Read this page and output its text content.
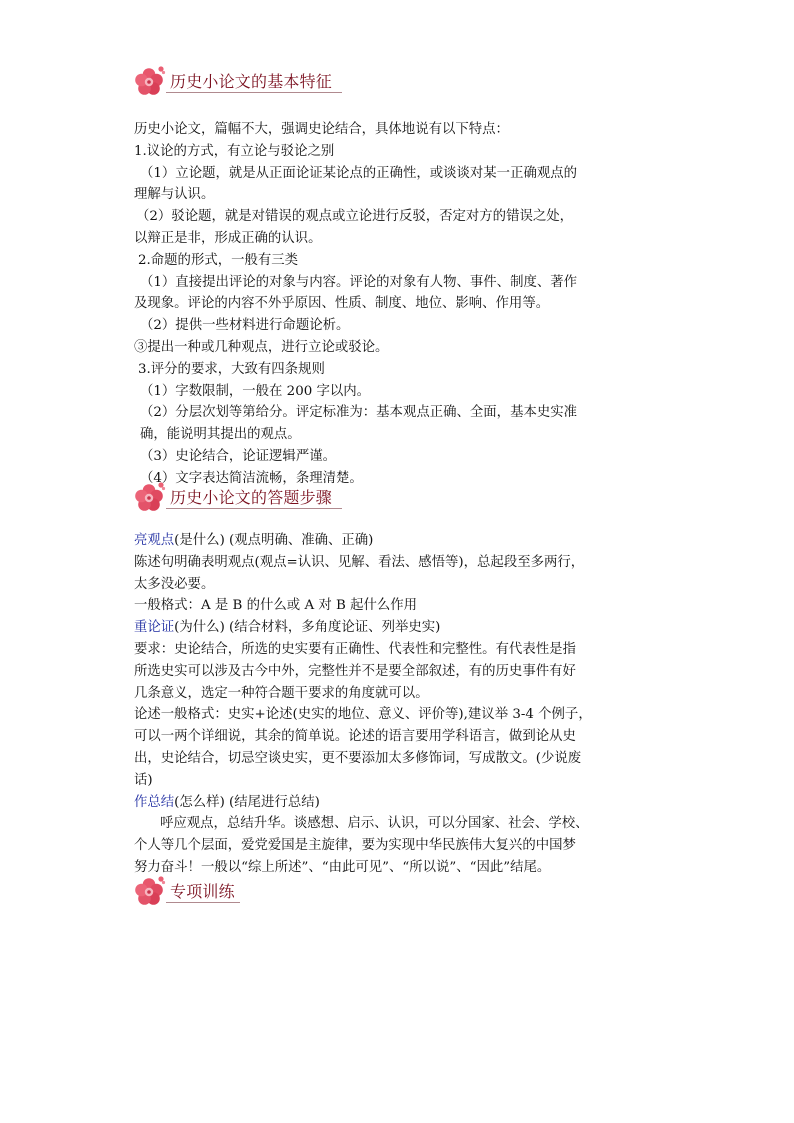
历史小论文的基本特征

历史小论文，篇幅不大，强调史论结合，具体地说有以下特点：

1.议论的方式，有立论与驳论之别

（1）立论题，就是从正面论证某论点的正确性，或谈谈对某一正确观点的

理解与认识。

（2）驳论题，就是对错误的观点或立论进行反驳，否定对方的错误之处，

以辩正是非，形成正确的认识。

2.命题的形式，一般有三类

（1）直接提出评论的对象与内容。评论的对象有人物、事件、制度、著作

及现象。评论的内容不外乎原因、性质、制度、地位、影响、作用等。

（2）提供一些材料进行命题论析。

③提出一种或几种观点，进行立论或驳论。

3.评分的要求，大致有四条规则

（1）字数限制，一般在 200 字以内。

（2）分层次划等第给分。评定标准为：基本观点正确、全面，基本史实准

确，能说明其提出的观点。

（3）史论结合，论证逻辑严谨。

（4）文字表达简洁流畅，条理清楚。

历史小论文的答题步骤

亮观点(是什么) (观点明确、准确、正确)

陈述句明确表明观点(观点=认识、见解、看法、感悟等)，总起段至多两行，

太多没必要。

一般格式：A 是 B 的什么或 A 对 B 起什么作用

重论证(为什么) (结合材料，多角度论证、列举史实)

要求：史论结合，所选的史实要有正确性、代表性和完整性。有代表性是指

所选史实可以涉及古今中外，完整性并不是要全部叙述，有的历史事件有好

几条意义，选定一种符合题干要求的角度就可以。

论述一般格式：史实+论述(史实的地位、意义、评价等),建议举 3-4 个例子，

可以一两个详细说，其余的简单说。论述的语言要用学科语言，做到论从史

出，史论结合，切忌空谈史实，更不要添加太多修饰词，写成散文。(少说废

话)

作总结(怎么样) (结尾进行总结)

呼应观点，总结升华。谈感想、启示、认识，可以分国家、社会、学校、

个人等几个层面，爱党爱国是主旋律，要为实现中华民族伟大复兴的中国梦

努力奋斗！一般以“综上所述”、“由此可见”、“所以说”、“因此”结尾。

专项训练
